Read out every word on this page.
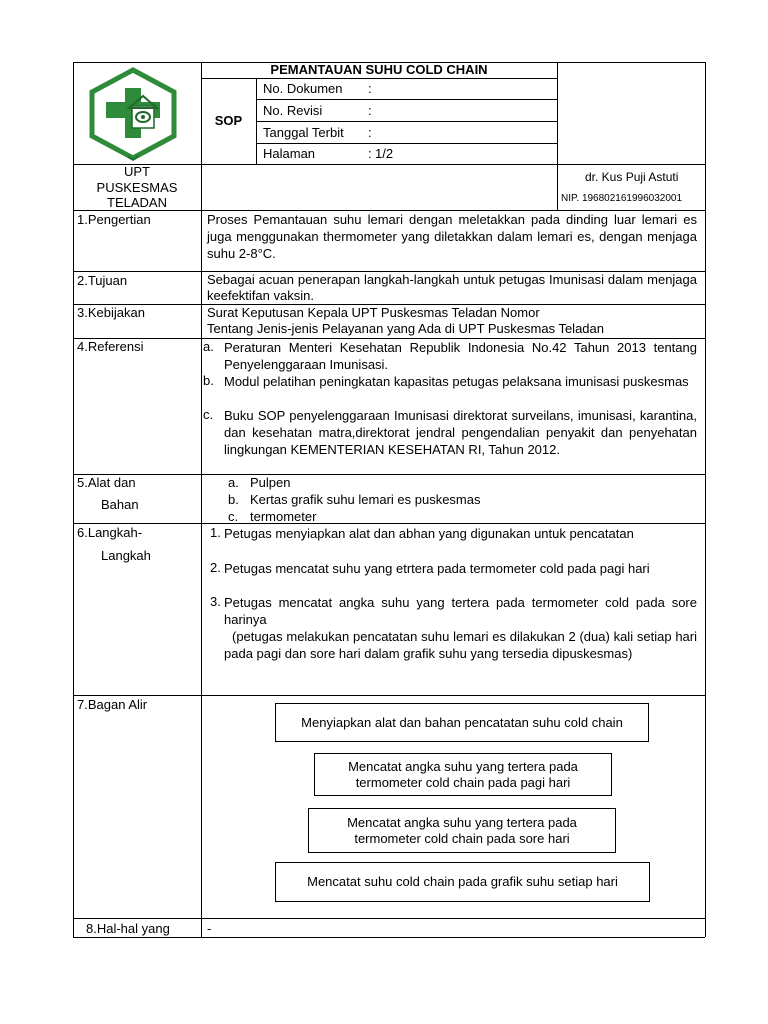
PEMANTAUAN SUHU COLD CHAIN
SOP
No. Dokumen :
No. Revisi	:
Tanggal Terbit :
Halaman	: 1/2
UPT
PUSKESMAS
TELADAN
dr. Kus Puji Astuti
NIP. 196802161996032001
1.Pengertian	Proses Pemantauan suhu lemari dengan meletakkan pada dinding luar lemari es juga menggunakan thermometer yang diletakkan dalam lemari es, dengan menjaga suhu 2-8°C.
2.Tujuan	Sebagai acuan penerapan langkah-langkah untuk petugas Imunisasi dalam menjaga keefektifan vaksin.
3.Kebijakan	Surat Keputusan Kepala UPT Puskesmas Teladan Nomor
Tentang Jenis-jenis Pelayanan yang Ada di UPT Puskesmas Teladan
4.Referensi	a. Peraturan Menteri Kesehatan Republik Indonesia No.42 Tahun 2013 tentang Penyelenggaraan Imunisasi.
b. Modul pelatihan peningkatan kapasitas petugas pelaksana imunisasi puskesmas
c. Buku SOP penyelenggaraan Imunisasi direktorat surveilans, imunisasi, karantina, dan kesehatan matra,direktorat jendral pengendalian penyakit dan penyehatan lingkungan KEMENTERIAN KESEHATAN RI, Tahun 2012.
5.Alat dan
Bahan
a. Pulpen
b. Kertas grafik suhu lemari es puskesmas
c. termometer
6.Langkah-
Langkah
1. Petugas menyiapkan alat dan abhan yang digunakan untuk pencatatan
2. Petugas mencatat suhu yang etrtera pada termometer cold pada pagi hari
3. Petugas mencatat angka suhu yang tertera pada termometer cold pada sore harinya
(petugas melakukan pencatatan suhu lemari es dilakukan 2 (dua) kali setiap hari pada pagi dan sore hari dalam grafik suhu yang tersedia dipuskesmas)
7.Bagan Alir
Menyiapkan alat dan bahan pencatatan suhu cold chain
Mencatat angka suhu yang tertera pada termometer cold chain pada pagi hari
Mencatat angka suhu yang tertera pada termometer cold chain pada sore hari
Mencatat suhu cold chain pada grafik suhu setiap hari
8.Hal-hal yang	-
